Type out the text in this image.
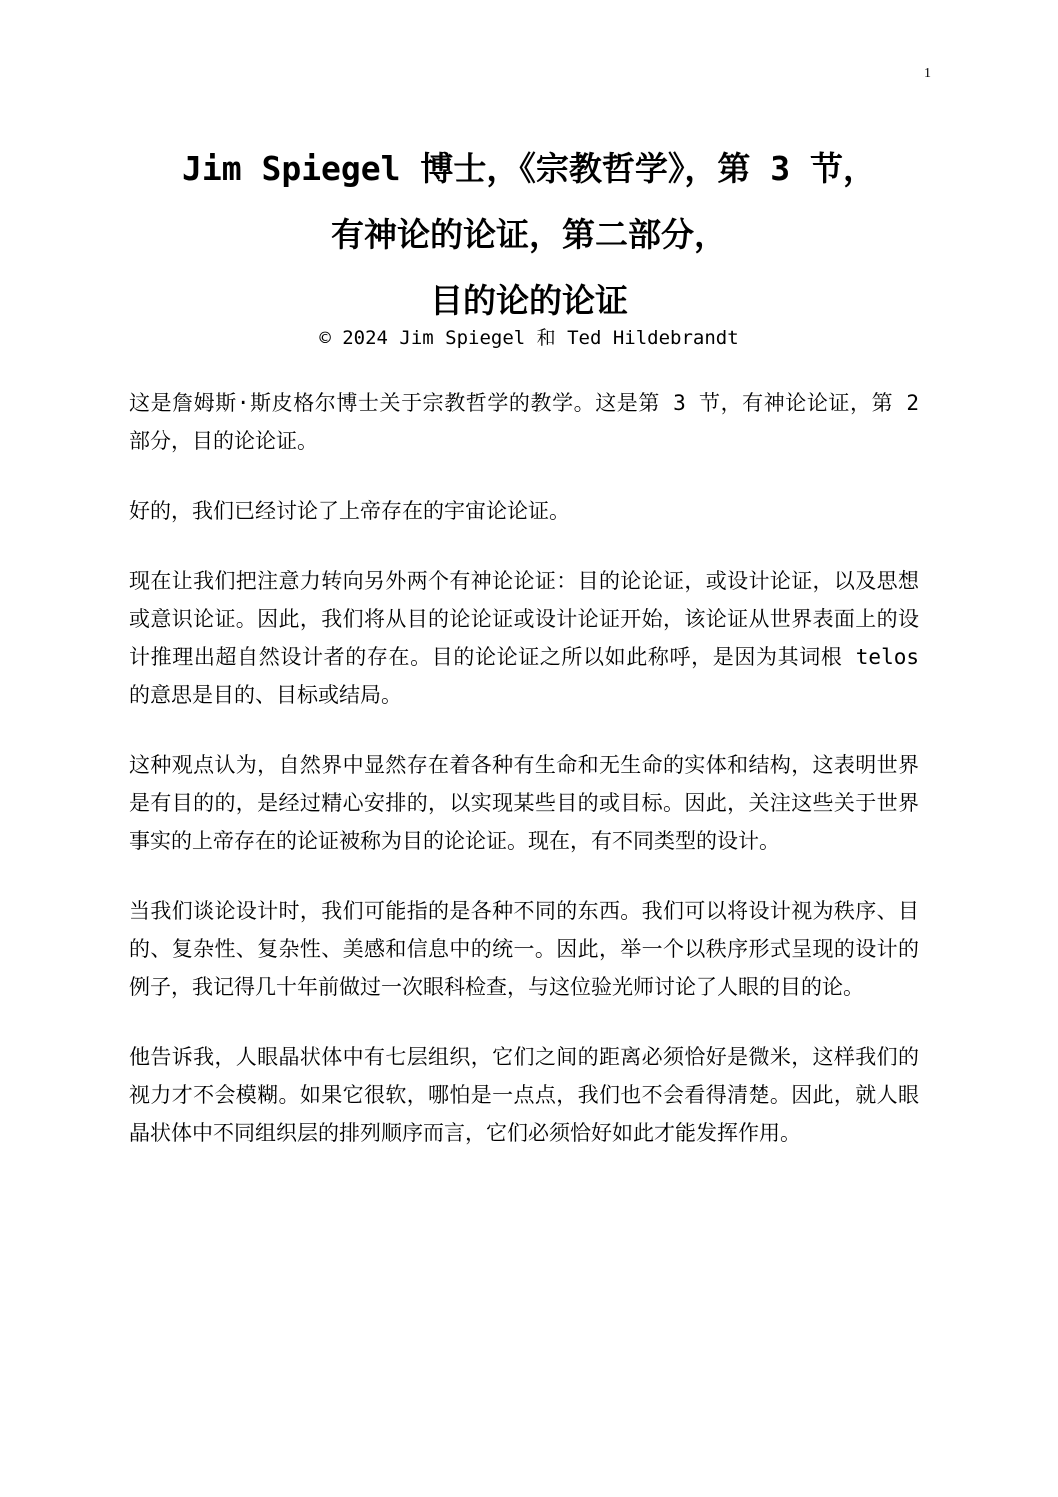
1
Jim Spiegel 博士，《宗教哲学》，第 3 节，
有神论的论证，第二部分，
目的论的论证
© 2024 Jim Spiegel 和 Ted Hildebrandt

这是詹姆斯·斯皮格尔博士关于宗教哲学的教学。这是第 3 节，有神论论证，第 2 部分，目的论论证。

好的，我们已经讨论了上帝存在的宇宙论论证。

现在让我们把注意力转向另外两个有神论论证：目的论论证，或设计论证，以及思想或意识论证。因此，我们将从目的论论证或设计论证开始，该论证从世界表面上的设计推理出超自然设计者的存在。目的论论证之所以如此称呼，是因为其词根 telos 的意思是目的、目标或结局。

这种观点认为，自然界中显然存在着各种有生命和无生命的实体和结构，这表明世界是有目的的，是经过精心安排的，以实现某些目的或目标。因此，关注这些关于世界事实的上帝存在的论证被称为目的论论证。现在，有不同类型的设计。

当我们谈论设计时，我们可能指的是各种不同的东西。我们可以将设计视为秩序、目的、复杂性、复杂性、美感和信息中的统一。因此，举一个以秩序形式呈现的设计的例子，我记得几十年前做过一次眼科检查，与这位验光师讨论了人眼的目的论。

他告诉我，人眼晶状体中有七层组织，它们之间的距离必须恰好是微米，这样我们的视力才不会模糊。如果它很软，哪怕是一点点，我们也不会看得清楚。因此，就人眼晶状体中不同组织层的排列顺序而言，它们必须恰好如此才能发挥作用。
